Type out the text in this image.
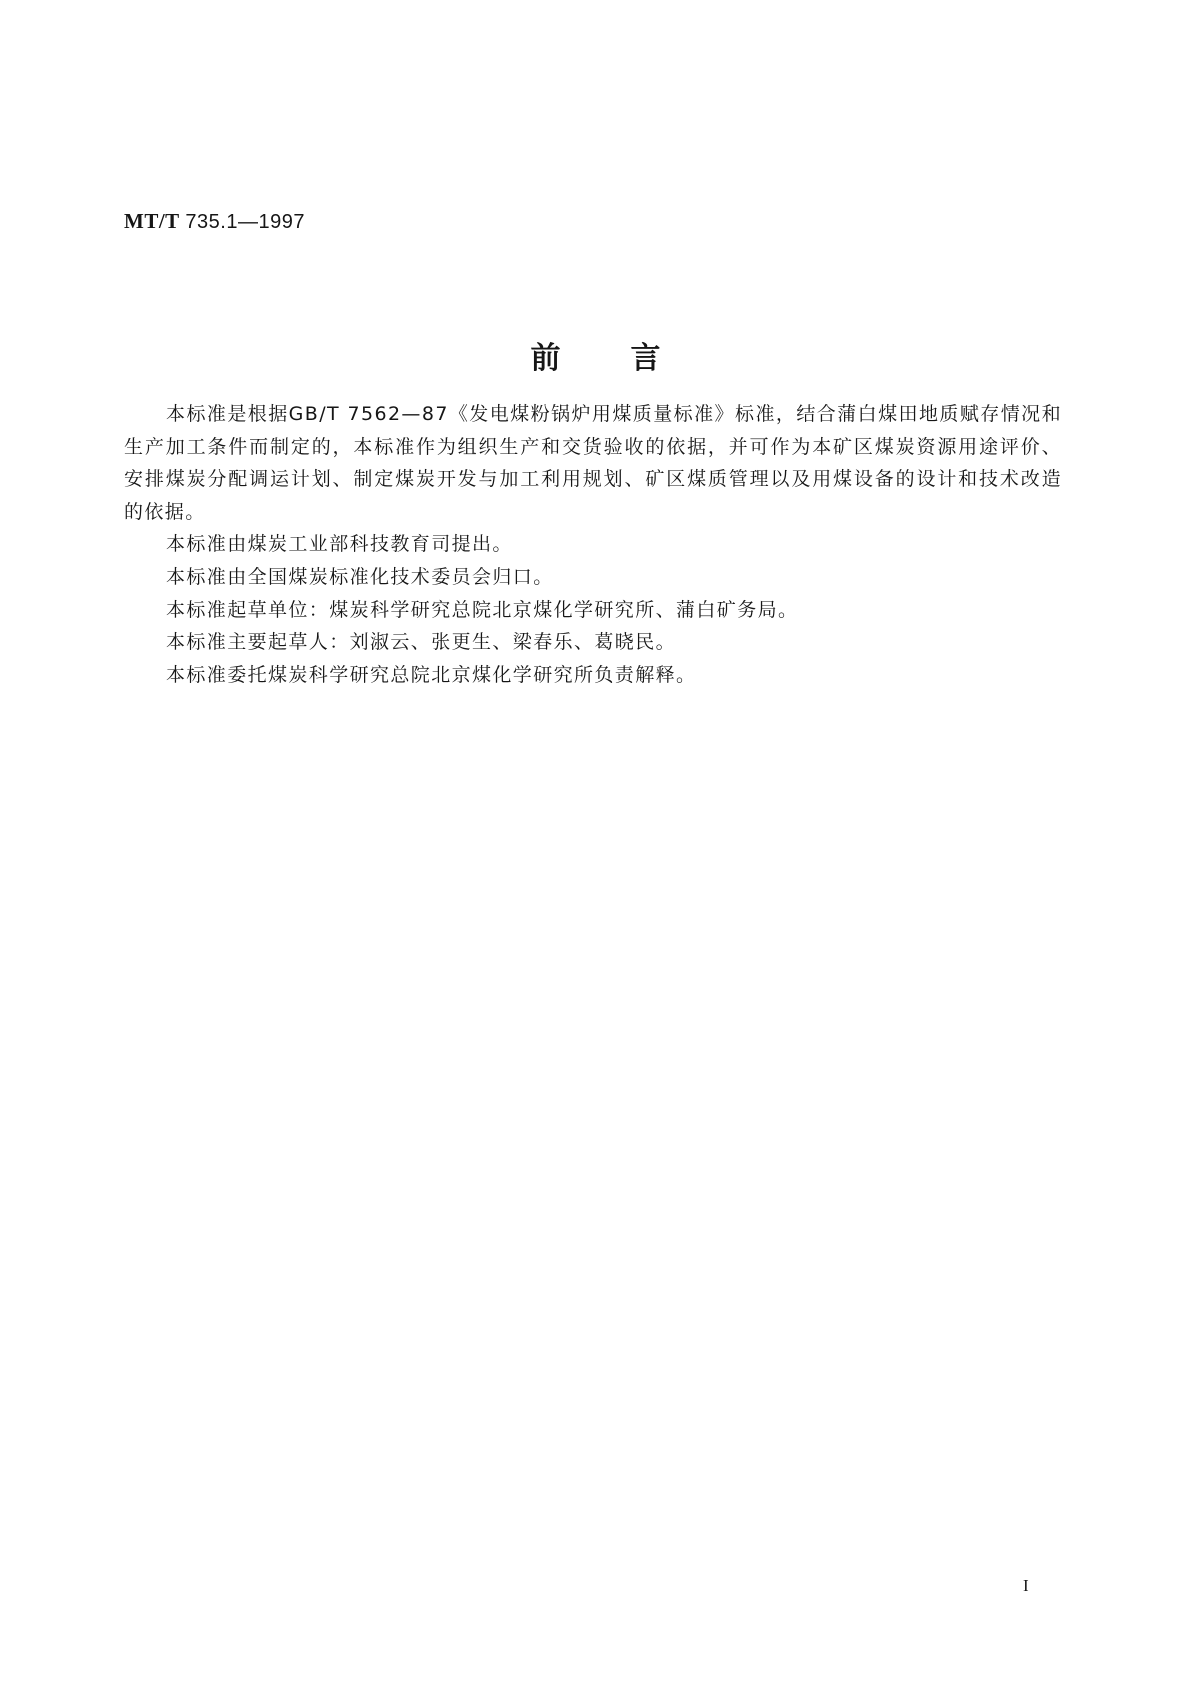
MT/T 735.1—1997
前 言

本标准是根据GB/T 7562—87《发电煤粉锅炉用煤质量标准》标准，结合蒲白煤田地质赋存情况和生产加工条件而制定的，本标准作为组织生产和交货验收的依据，并可作为本矿区煤炭资源用途评价、安排煤炭分配调运计划、制定煤炭开发与加工利用规划、矿区煤质管理以及用煤设备的设计和技术改造的依据。

本标准由煤炭工业部科技教育司提出。

本标准由全国煤炭标准化技术委员会归口。

本标准起草单位：煤炭科学研究总院北京煤化学研究所、蒲白矿务局。

本标准主要起草人：刘淑云、张更生、梁春乐、葛晓民。

本标准委托煤炭科学研究总院北京煤化学研究所负责解释。

I
